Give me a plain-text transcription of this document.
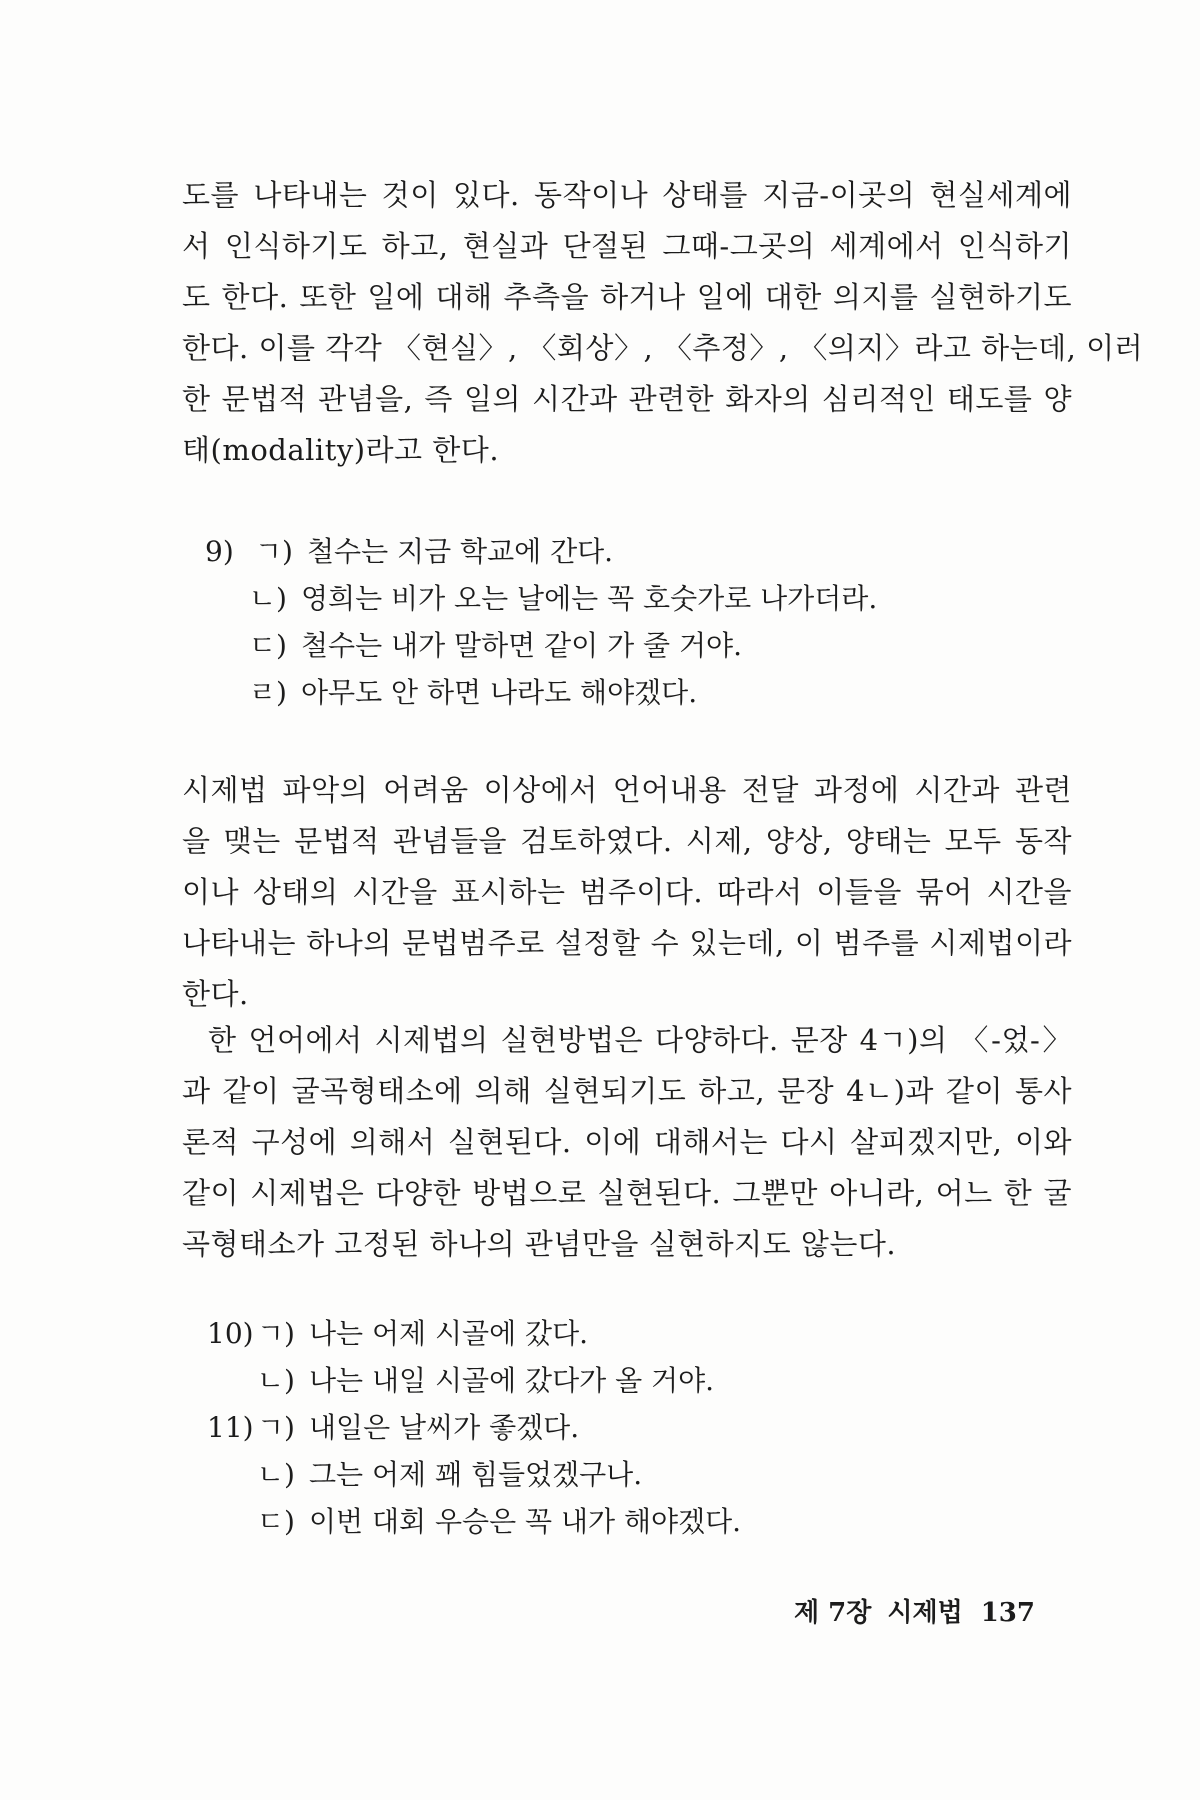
도를 나타내는 것이 있다. 동작이나 상태를 지금-이곳의 현실세계에
서 인식하기도 하고, 현실과 단절된 그때-그곳의 세계에서 인식하기
도 한다. 또한 일에 대해 추측을 하거나 일에 대한 의지를 실현하기도
한다. 이를 각각 〈현실〉, 〈회상〉, 〈추정〉, 〈의지〉라고 하는데, 이러
한 문법적 관념을, 즉 일의 시간과 관련한 화자의 심리적인 태도를 양
태(modality)라고 한다.

9) ㄱ) 철수는 지금 학교에 간다.
ㄴ) 영희는 비가 오는 날에는 꼭 호숫가로 나가더라.
ㄷ) 철수는 내가 말하면 같이 가 줄 거야.
ㄹ) 아무도 안 하면 나라도 해야겠다.

시제법 파악의 어려움 이상에서 언어내용 전달 과정에 시간과 관련
을 맺는 문법적 관념들을 검토하였다. 시제, 양상, 양태는 모두 동작
이나 상태의 시간을 표시하는 범주이다. 따라서 이들을 묶어 시간을
나타내는 하나의 문법범주로 설정할 수 있는데, 이 범주를 시제법이라
한다.

한 언어에서 시제법의 실현방법은 다양하다. 문장 4ㄱ)의 〈-었-〉
과 같이 굴곡형태소에 의해 실현되기도 하고, 문장 4ㄴ)과 같이 통사
론적 구성에 의해서 실현된다. 이에 대해서는 다시 살피겠지만, 이와
같이 시제법은 다양한 방법으로 실현된다. 그뿐만 아니라, 어느 한 굴
곡형태소가 고정된 하나의 관념만을 실현하지도 않는다.

10) ㄱ) 나는 어제 시골에 갔다.
ㄴ) 나는 내일 시골에 갔다가 올 거야.
11) ㄱ) 내일은 날씨가 좋겠다.
ㄴ) 그는 어제 꽤 힘들었겠구나.
ㄷ) 이번 대회 우승은 꼭 내가 해야겠다.
제 7장 시제법 137
